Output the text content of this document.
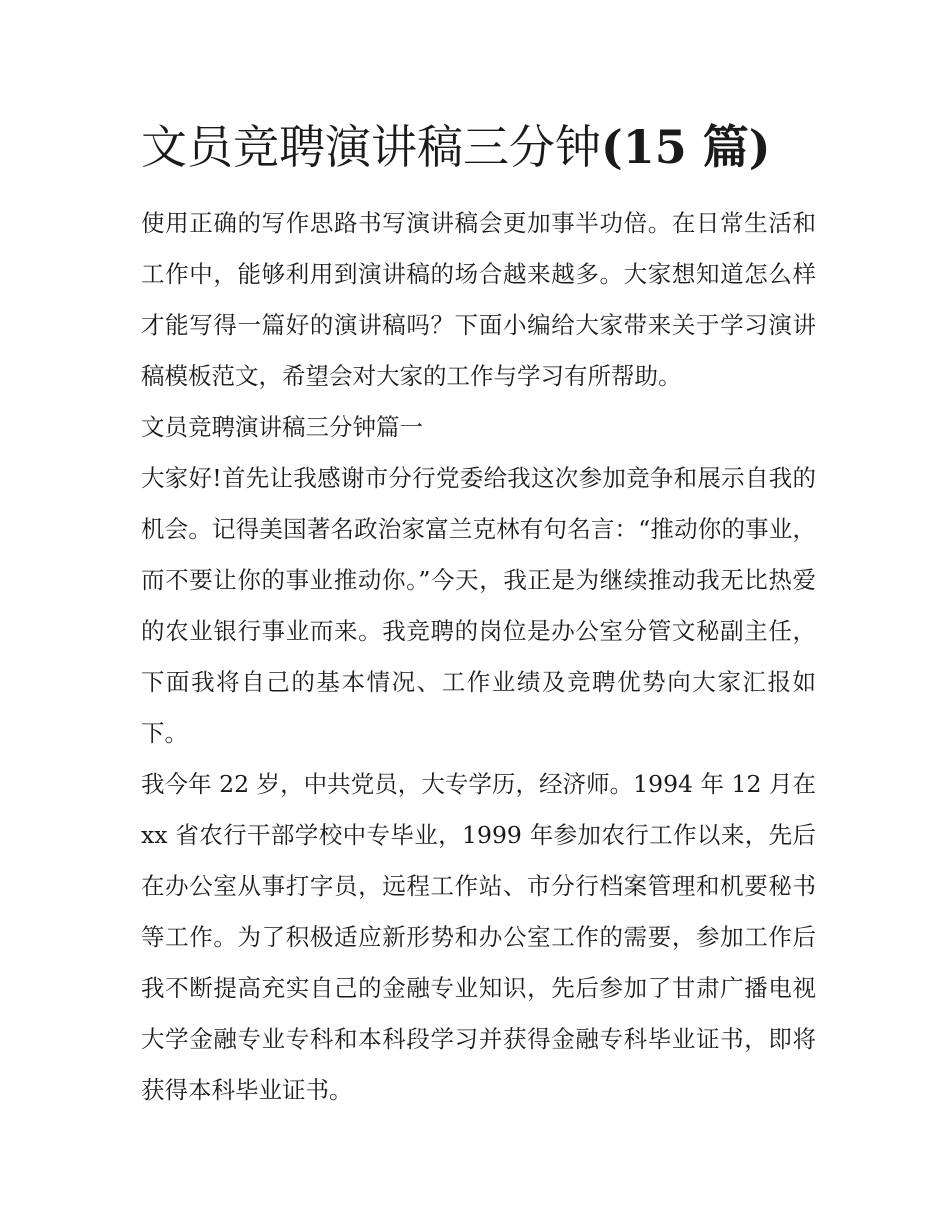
文员竞聘演讲稿三分钟(15 篇)

使用正确的写作思路书写演讲稿会更加事半功倍。在日常生活和工作中，能够利用到演讲稿的场合越来越多。大家想知道怎么样才能写得一篇好的演讲稿吗？下面小编给大家带来关于学习演讲稿模板范文，希望会对大家的工作与学习有所帮助。

文员竞聘演讲稿三分钟篇一

大家好!首先让我感谢市分行党委给我这次参加竞争和展示自我的机会。记得美国著名政治家富兰克林有句名言：“推动你的事业，而不要让你的事业推动你。”今天，我正是为继续推动我无比热爱的农业银行事业而来。我竞聘的岗位是办公室分管文秘副主任，下面我将自己的基本情况、工作业绩及竞聘优势向大家汇报如下。

我今年 22 岁，中共党员，大专学历，经济师。1994 年 12 月在 xx 省农行干部学校中专毕业，1999 年参加农行工作以来，先后在办公室从事打字员，远程工作站、市分行档案管理和机要秘书等工作。为了积极适应新形势和办公室工作的需要，参加工作后我不断提高充实自己的金融专业知识，先后参加了甘肃广播电视大学金融专业专科和本科段学习并获得金融专科毕业证书，即将获得本科毕业证书。
